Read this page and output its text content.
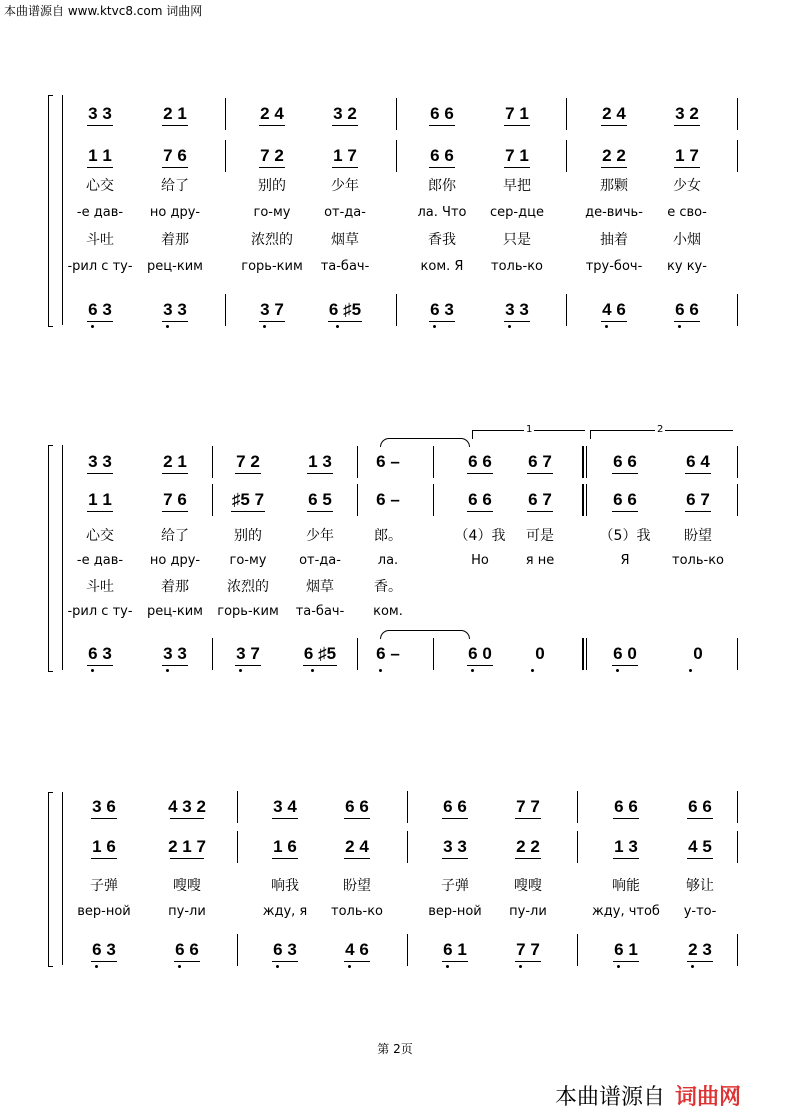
本曲谱源自 www.ktvc8.com 词曲网
3 3	2 1	2 4	3 2	6 6	7 1	2 4	3 2
1 1	7 6	7 2	1 7	6 6	7 1	2 2	1 7
6 3	3 3	3 7	6 ♯5	6 3	3 3	4 6	6 6
心交	给了	别的	少年	郎你	早把	那颗	少女
-е дав-	но дру-	го-му	от-да-	ла. Что	сер-дце	де-вичь-	е сво-
斗吐	着那	浓烈的	烟草	香我	只是	抽着	小烟
-рил с ту-	рец-ким	горь-ким	та-бач-	ком. Я	толь-ко	тру-боч-	ку ку-
3 3	2 1	7 2	1 3	6 –	6 6	6 7	6 6	6 4
1 1	7 6	♯5 7	6 5	6 –	6 6	6 7	6 6	6 7
6 3	3 3	3 7	6 ♯5	6 –	6 0	0	6 0	0
心交	给了	别的	少年	郎。	（4）我	可是	（5）我	盼望
-е дав-	но дру-	го-му	от-да-	ла.	Но	я не	Я	толь-ко
斗吐	着那	浓烈的	烟草	香。
-рил с ту-	рец-ким	горь-ким	та-бач-	ком.
1	2
3 6	4 3 2	3 4	6 6	6 6	7 7	6 6	6 6
1 6	2 1 7	1 6	2 4	3 3	2 2	1 3	4 5
6 3	6 6	6 3	4 6	6 1	7 7	6 1	2 3
子弹	嗖嗖	响我	盼望	子弹	嗖嗖	响能	够让
вер-ной	пу-ли	жду, я	толь-ко	вер-ной	пу-ли	жду, чтоб	у-то-
第 2页
本曲谱源自 词曲网
